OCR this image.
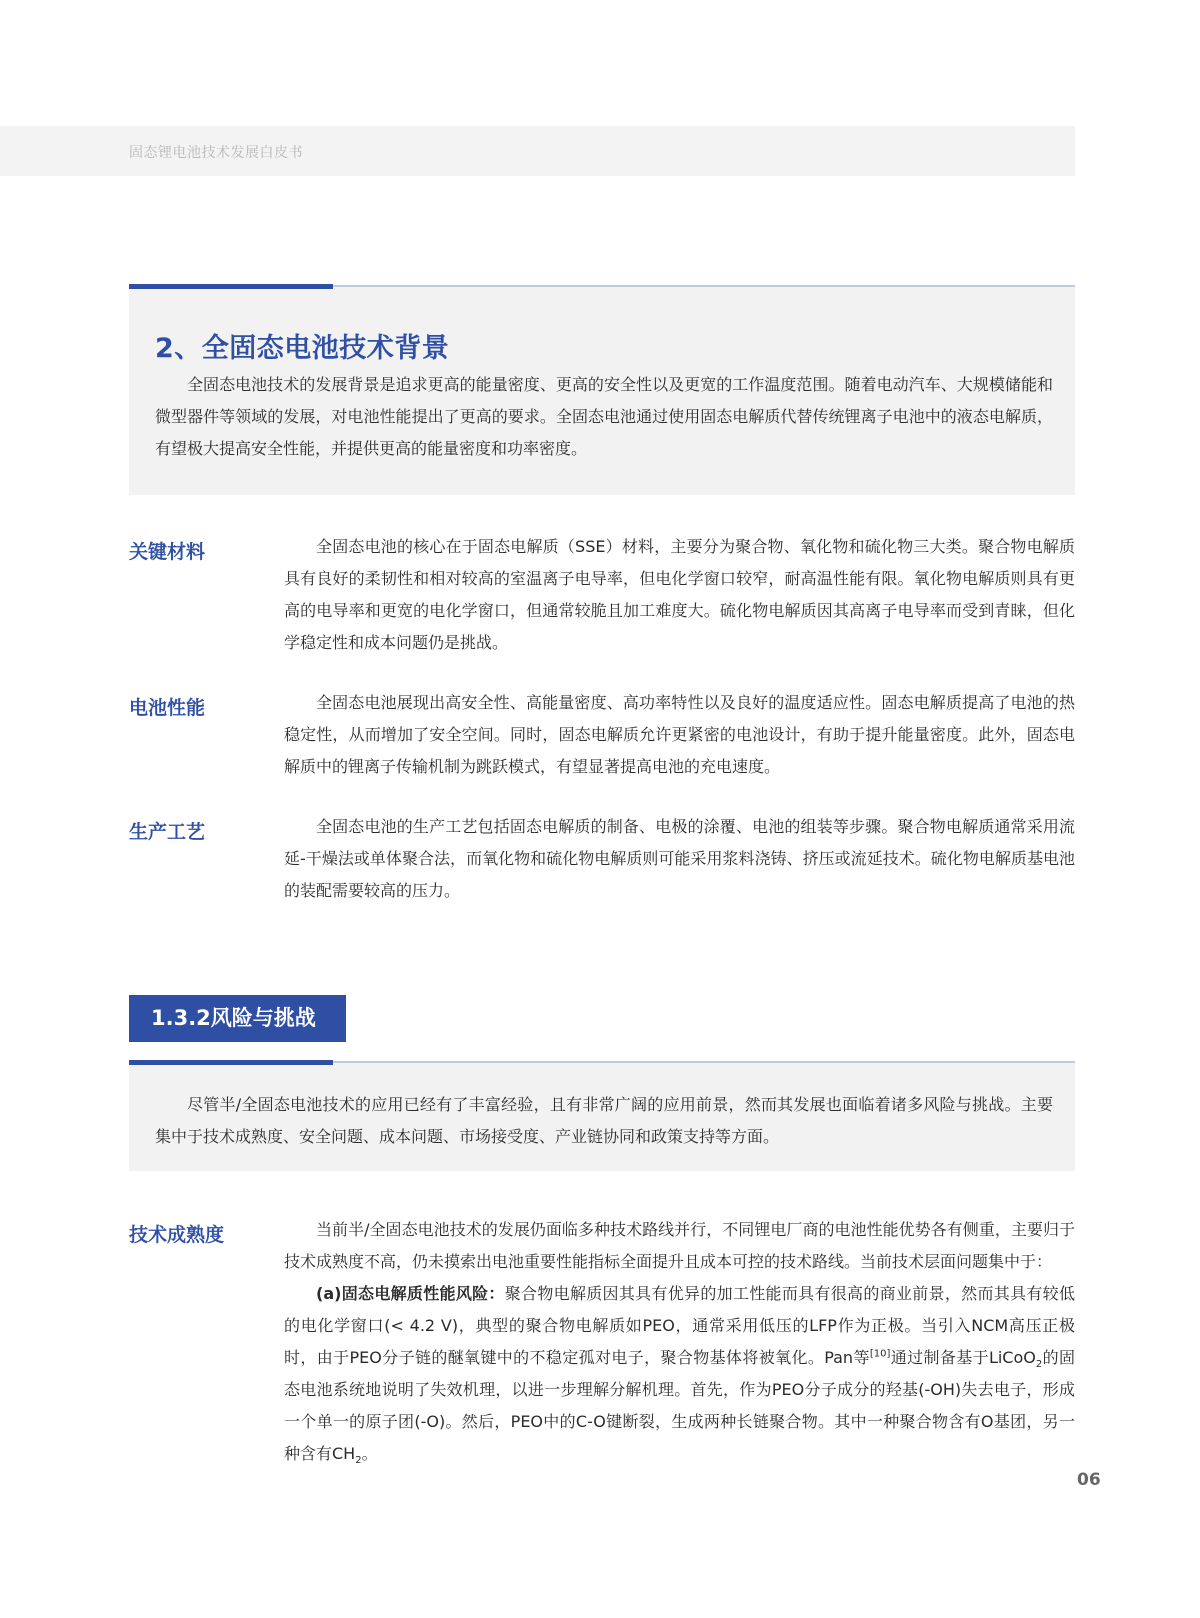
固态锂电池技术发展白皮书
2、全固态电池技术背景

全固态电池技术的发展背景是追求更高的能量密度、更高的安全性以及更宽的工作温度范围。随着电动汽车、大规模储能和微型器件等领域的发展，对电池性能提出了更高的要求。全固态电池通过使用固态电解质代替传统锂离子电池中的液态电解质，有望极大提高安全性能，并提供更高的能量密度和功率密度。

关键材料	全固态电池的核心在于固态电解质（SSE）材料，主要分为聚合物、氧化物和硫化物三大类。聚合物电解质具有良好的柔韧性和相对较高的室温离子电导率，但电化学窗口较窄，耐高温性能有限。氧化物电解质则具有更高的电导率和更宽的电化学窗口，但通常较脆且加工难度大。硫化物电解质因其高离子电导率而受到青睐，但化学稳定性和成本问题仍是挑战。

电池性能	全固态电池展现出高安全性、高能量密度、高功率特性以及良好的温度适应性。固态电解质提高了电池的热稳定性，从而增加了安全空间。同时，固态电解质允许更紧密的电池设计，有助于提升能量密度。此外，固态电解质中的锂离子传输机制为跳跃模式，有望显著提高电池的充电速度。

生产工艺	全固态电池的生产工艺包括固态电解质的制备、电极的涂覆、电池的组装等步骤。聚合物电解质通常采用流延-干燥法或单体聚合法，而氧化物和硫化物电解质则可能采用浆料浇铸、挤压或流延技术。硫化物电解质基电池的装配需要较高的压力。

1.3.2风险与挑战

尽管半/全固态电池技术的应用已经有了丰富经验，且有非常广阔的应用前景，然而其发展也面临着诸多风险与挑战。主要集中于技术成熟度、安全问题、成本问题、市场接受度、产业链协同和政策支持等方面。

技术成熟度	当前半/全固态电池技术的发展仍面临多种技术路线并行，不同锂电厂商的电池性能优势各有侧重，主要归于技术成熟度不高，仍未摸索出电池重要性能指标全面提升且成本可控的技术路线。当前技术层面问题集中于：

(a)固态电解质性能风险：聚合物电解质因其具有优异的加工性能而具有很高的商业前景，然而其具有较低的电化学窗口(< 4.2 V)，典型的聚合物电解质如PEO，通常采用低压的LFP作为正极。当引入NCM高压正极时，由于PEO分子链的醚氧键中的不稳定孤对电子，聚合物基体将被氧化。Pan等[10]通过制备基于LiCoO$_2$的固态电池系统地说明了失效机理，以进一步理解分解机理。首先，作为PEO分子成分的羟基(-OH)失去电子，形成一个单一的原子团(-O)。然后，PEO中的C-O键断裂，生成两种长链聚合物。其中一种聚合物含有O基团，另一种含有$CH_2$。

06
